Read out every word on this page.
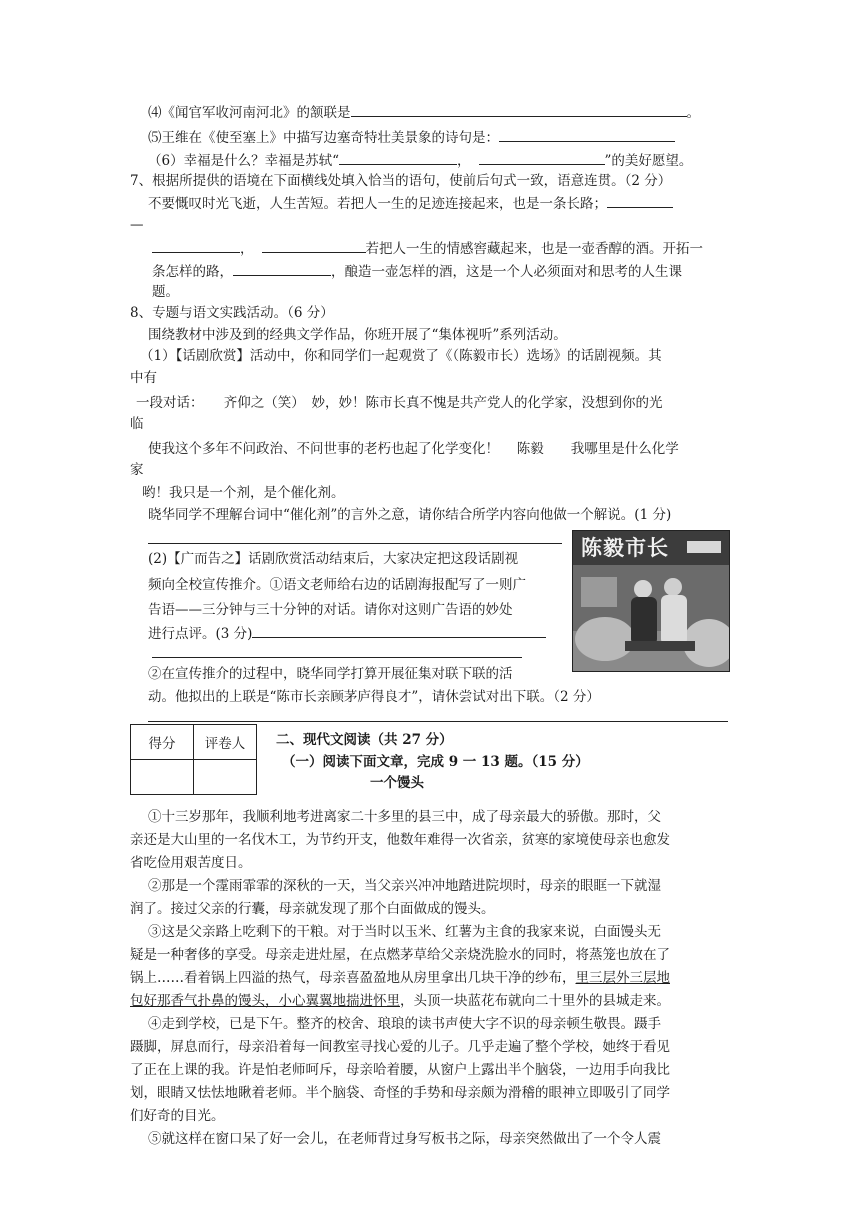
⑷《闻官军收河南河北》的颔联是	。
⑸王维在《使至塞上》中描写边塞奇特壮美景象的诗句是：
（6）幸福是什么？幸福是苏轼“	，	”的美好愿望。
7、根据所提供的语境在下面横线处填入恰当的语句，使前后句式一致，语意连贯。（2 分）
不要慨叹时光飞逝，人生苦短。若把人一生的足迹连接起来，也是一条长路；
—
，	若把人一生的情感窖藏起来，也是一壶香醇的酒。开拓一
条怎样的路，	，酿造一壶怎样的酒，这是一个人必须面对和思考的人生课
题。
8、专题与语文实践活动。（6 分）
围绕教材中涉及到的经典文学作品，你班开展了“集体视听”系列活动。
（1）【话剧欣赏】活动中，你和同学们一起观赏了《（陈毅市长）选场》的话剧视频。其
中有
一段对话：　　齐仰之（笑）　妙，妙！陈市长真不愧是共产党人的化学家，没想到你的光
临
使我这个多年不问政治、不问世事的老朽也起了化学变化！　 陈毅　　我哪里是什么化学
家
哟！我只是一个剂，是个催化剂。
晓华同学不理解台词中“催化剂”的言外之意，请你结合所学内容向他做一个解说。(1 分)
(2)【广而告之】话剧欣赏活动结束后，大家决定把这段话剧视
频向全校宣传推介。①语文老师给右边的话剧海报配写了一则广
告语——三分钟与三十分钟的对话。请你对这则广告语的妙处
进行点评。(3 分)
②在宣传推介的过程中，晓华同学打算开展征集对联下联的活
动。他拟出的上联是“陈市长亲顾茅庐得良才”，请休尝试对出下联。（2 分）
陈毅市长
得分	评卷人
	二、现代文阅读（共 27 分）
（一）阅读下面文章，完成 9 一 13 题。（15 分）
一个馒头
①十三岁那年，我顺利地考进离家二十多里的县三中，成了母亲最大的骄傲。那时，父
亲还是大山里的一名伐木工，为节约开支，他数年难得一次省亲，贫寒的家境使母亲也愈发
省吃俭用艰苦度日。
②那是一个霪雨霏霏的深秋的一天，当父亲兴冲冲地踏进院坝时，母亲的眼眶一下就湿
润了。接过父亲的行囊，母亲就发现了那个白面做成的馒头。
③这是父亲路上吃剩下的干粮。对于当时以玉米、红薯为主食的我家来说，白面馒头无
疑是一种奢侈的享受。母亲走进灶屋，在点燃茅草给父亲烧洗脸水的同时，将蒸笼也放在了
锅上……看着锅上四溢的热气，母亲喜盈盈地从房里拿出几块干净的纱布，里三层外三层地
包好那香气扑鼻的馒头，小心翼翼地揣进怀里，头顶一块蓝花布就向二十里外的县城走来。
④走到学校，已是下午。整齐的校舍、琅琅的读书声使大字不识的母亲顿生敬畏。蹑手
蹑脚，屏息而行，母亲沿着每一间教室寻找心爱的儿子。几乎走遍了整个学校，她终于看见
了正在上课的我。许是怕老师呵斥，母亲哈着腰，从窗户上露出半个脑袋，一边用手向我比
划，眼睛又怯怯地瞅着老师。半个脑袋、奇怪的手势和母亲颇为滑稽的眼神立即吸引了同学
们好奇的目光。
⑤就这样在窗口呆了好一会儿，在老师背过身写板书之际，母亲突然做出了一个令人震
